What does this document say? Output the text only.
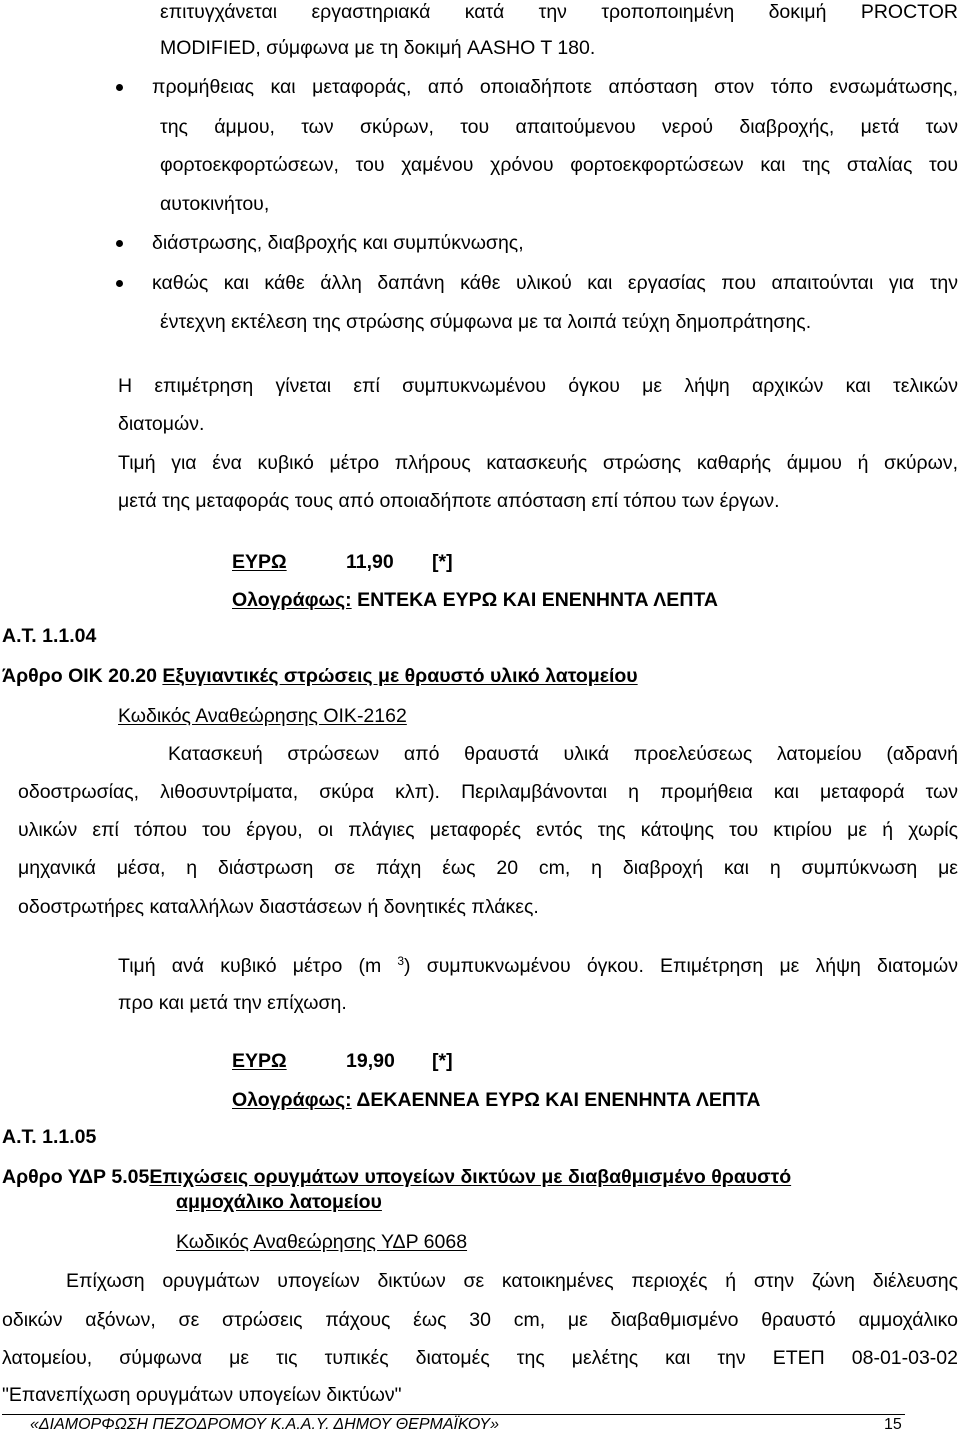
επιτυγχάνεται εργαστηριακά κατά την τροποποιημένη δοκιμή PROCTOR
MODIFIED, σύμφωνα με τη δοκιμή AASHO T 180.
προμήθειας και μεταφοράς, από οποιαδήποτε απόσταση στον τόπο ενσωμάτωσης,
της άμμου, των σκύρων, του απαιτούμενου νερού διαβροχής, μετά των
φορτοεκφορτώσεων, του χαμένου χρόνου φορτοεκφορτώσεων και της σταλίας του
αυτοκινήτου,
διάστρωσης, διαβροχής και συμπύκνωσης,
καθώς και κάθε άλλη δαπάνη κάθε υλικού και εργασίας που απαιτούνται για την
έντεχνη εκτέλεση της στρώσης σύμφωνα με τα λοιπά τεύχη δημοπράτησης.
Η επιμέτρηση γίνεται επί συμπυκνωμένου όγκου με λήψη αρχικών και τελικών
διατομών.
Τιμή για ένα κυβικό μέτρο πλήρους κατασκευής στρώσης καθαρής άμμου ή σκύρων,
μετά της μεταφοράς τους από οποιαδήποτε απόσταση επί τόπου των έργων.
ΕΥΡΩ	11,90	[*]
Ολογράφως: ΕΝΤΕΚΑ ΕΥΡΩ ΚΑΙ ΕΝΕΝΗΝΤΑ ΛΕΠΤΑ
Α.Τ. 1.1.04
Άρθρο ΟΙΚ 20.20 Εξυγιαντικές στρώσεις με θραυστό υλικό λατομείου
Κωδικός Αναθεώρησης ΟΙΚ-2162
Κατασκευή στρώσεων από θραυστά υλικά προελεύσεως λατομείου (αδρανή
οδοστρωσίας, λιθοσυντρίματα, σκύρα κλπ). Περιλαμβάνονται η προμήθεια και μεταφορά των
υλικών επί τόπου του έργου, οι πλάγιες μεταφορές εντός της κάτοψης του κτιρίου με ή χωρίς
μηχανικά μέσα, η διάστρωση σε πάχη έως 20 cm, η διαβροχή και η συμπύκνωση με
οδοστρωτήρες καταλλήλων διαστάσεων ή δονητικές πλάκες.
Τιμή ανά κυβικό μέτρο (m $^3$) συμπυκνωμένου όγκου. Επιμέτρηση με λήψη διατομών
προ και μετά την επίχωση.
ΕΥΡΩ	19,90	[*]
Ολογράφως: ΔΕΚΑΕΝΝΕΑ ΕΥΡΩ ΚΑΙ ΕΝΕΝΗΝΤΑ ΛΕΠΤΑ
Α.Τ. 1.1.05
Αρθρο ΥΔΡ 5.05Επιχώσεις ορυγμάτων υπογείων δικτύων με διαβαθμισμένο θραυστό
αμμοχάλικο λατομείου
Κωδικός Αναθεώρησης ΥΔΡ 6068
Επίχωση ορυγμάτων υπογείων δικτύων σε κατοικημένες περιοχές ή στην ζώνη διέλευσης
οδικών αξόνων, σε στρώσεις πάχους έως 30 cm, με διαβαθμισμένο θραυστό αμμοχάλικο
λατομείου, σύμφωνα με τις τυπικές διατομές της μελέτης και την ΕΤΕΠ 08-01-03-02
"Επανεπίχωση ορυγμάτων υπογείων δικτύων"
«ΔΙΑΜΟΡΦΩΣΗ ΠΕΖΟΔΡΟΜΟΥ Κ.Α.Α.Υ. ΔΗΜΟΥ ΘΕΡΜΑΪΚΟΥ»	15
